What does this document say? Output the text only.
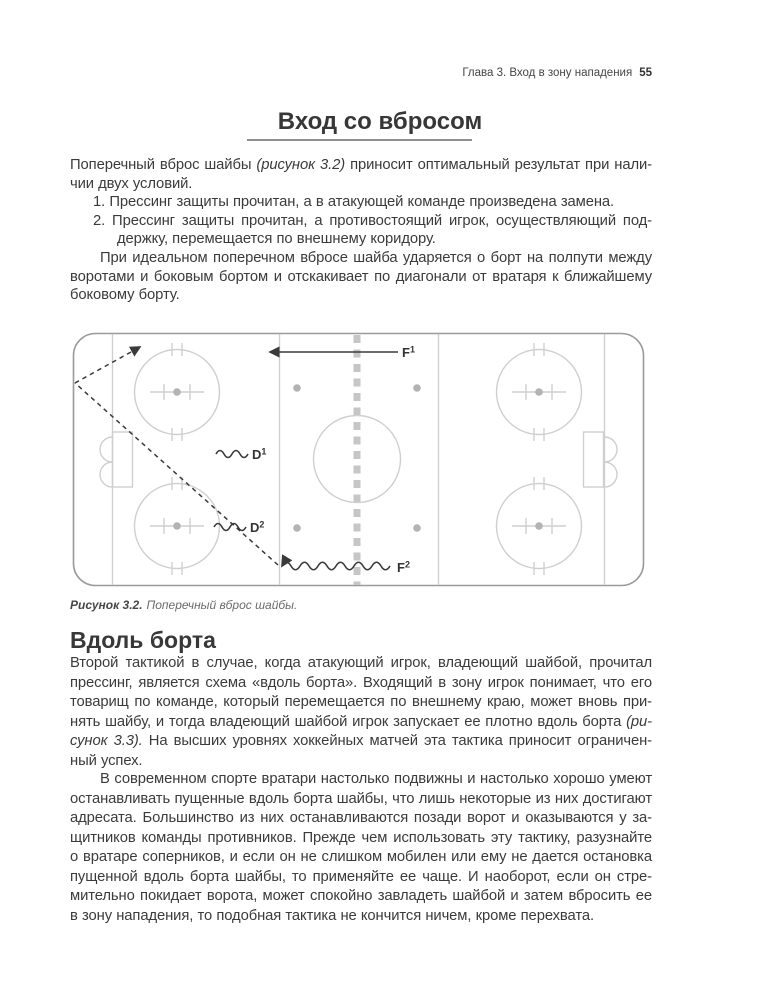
Глава 3. Вход в зону нападения 55
Вход со вбросом
Поперечный вброс шайбы (рисунок 3.2) приносит оптимальный результат при нали-
чии двух условий.
1. Прессинг защиты прочитан, а в атакующей команде произведена замена.
2. Прессинг защиты прочитан, а противостоящий игрок, осуществляющий под-
держку, перемещается по внешнему коридору.
При идеальном поперечном вбросе шайба ударяется о борт на полпути между
воротами и боковым бортом и отскакивает по диагонали от вратаря к ближайшему
боковому борту.
$F^1$
$F^2$
$D^1$
$D^2$
Рисунок 3.2. Поперечный вброс шайбы.
Вдоль борта
Второй тактикой в случае, когда атакующий игрок, владеющий шайбой, прочитал
прессинг, является схема «вдоль борта». Входящий в зону игрок понимает, что его
товарищ по команде, который перемещается по внешнему краю, может вновь при-
нять шайбу, и тогда владеющий шайбой игрок запускает ее плотно вдоль борта (ри-
сунок 3.3). На высших уровнях хоккейных матчей эта тактика приносит ограничен-
ный успех.
В современном спорте вратари настолько подвижны и настолько хорошо умеют
останавливать пущенные вдоль борта шайбы, что лишь некоторые из них достигают
адресата. Большинство из них останавливаются позади ворот и оказываются у за-
щитников команды противников. Прежде чем использовать эту тактику, разузнайте
о вратаре соперников, и если он не слишком мобилен или ему не дается остановка
пущенной вдоль борта шайбы, то применяйте ее чаще. И наоборот, если он стре-
мительно покидает ворота, может спокойно завладеть шайбой и затем вбросить ее
в зону нападения, то подобная тактика не кончится ничем, кроме перехвата.
